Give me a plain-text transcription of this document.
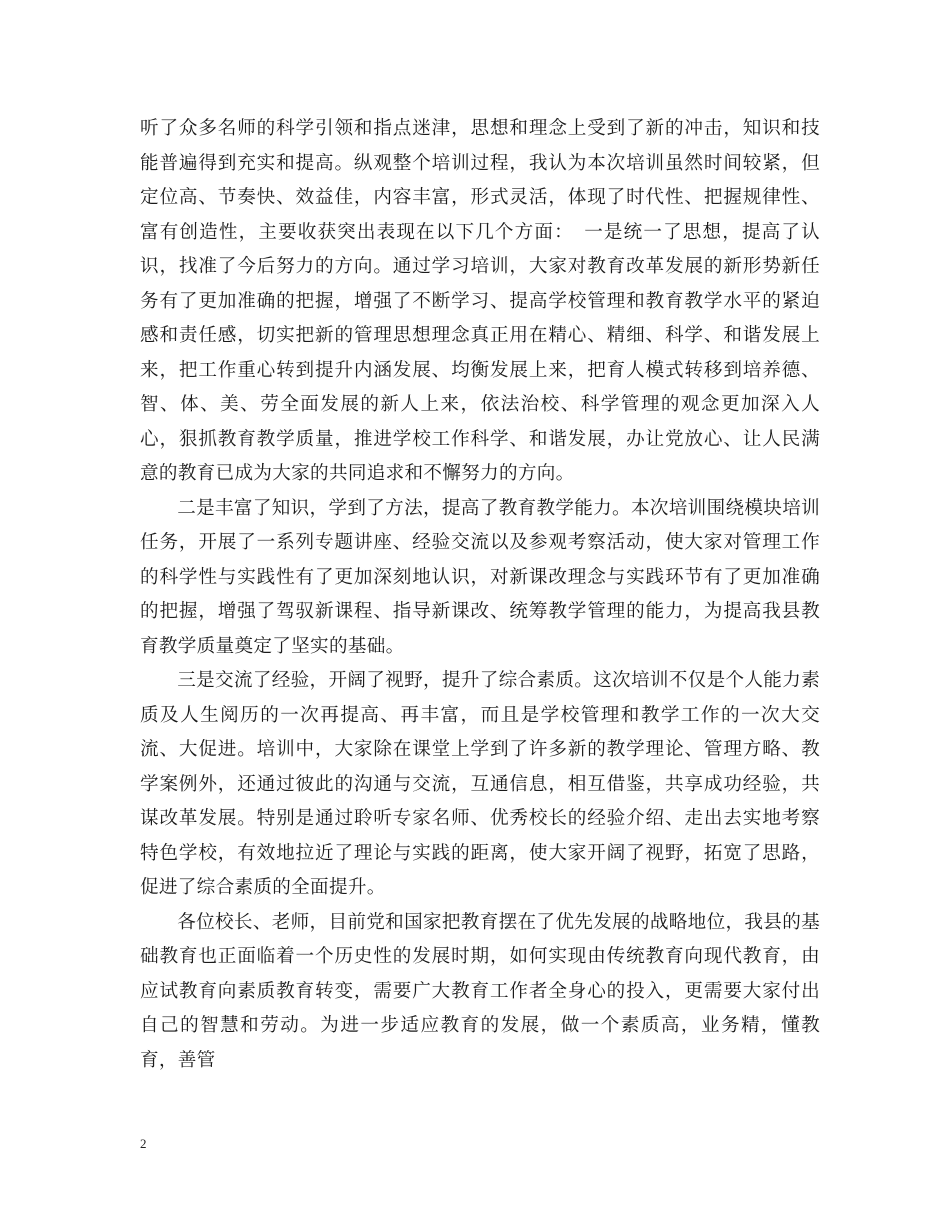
听了众多名师的科学引领和指点迷津，思想和理念上受到了新的冲击，知识和技能普遍得到充实和提高。纵观整个培训过程，我认为本次培训虽然时间较紧，但定位高、节奏快、效益佳，内容丰富，形式灵活，体现了时代性、把握规律性、富有创造性，主要收获突出表现在以下几个方面：　一是统一了思想，提高了认识，找准了今后努力的方向。通过学习培训，大家对教育改革发展的新形势新任务有了更加准确的把握，增强了不断学习、提高学校管理和教育教学水平的紧迫感和责任感，切实把新的管理思想理念真正用在精心、精细、科学、和谐发展上来，把工作重心转到提升内涵发展、均衡发展上来，把育人模式转移到培养德、智、体、美、劳全面发展的新人上来，依法治校、科学管理的观念更加深入人心，狠抓教育教学质量，推进学校工作科学、和谐发展，办让党放心、让人民满意的教育已成为大家的共同追求和不懈努力的方向。

二是丰富了知识，学到了方法，提高了教育教学能力。本次培训围绕模块培训任务，开展了一系列专题讲座、经验交流以及参观考察活动，使大家对管理工作的科学性与实践性有了更加深刻地认识，对新课改理念与实践环节有了更加准确的把握，增强了驾驭新课程、指导新课改、统筹教学管理的能力，为提高我县教育教学质量奠定了坚实的基础。

三是交流了经验，开阔了视野，提升了综合素质。这次培训不仅是个人能力素质及人生阅历的一次再提高、再丰富，而且是学校管理和教学工作的一次大交流、大促进。培训中，大家除在课堂上学到了许多新的教学理论、管理方略、教学案例外，还通过彼此的沟通与交流，互通信息，相互借鉴，共享成功经验，共谋改革发展。特别是通过聆听专家名师、优秀校长的经验介绍、走出去实地考察特色学校，有效地拉近了理论与实践的距离，使大家开阔了视野，拓宽了思路，促进了综合素质的全面提升。

各位校长、老师，目前党和国家把教育摆在了优先发展的战略地位，我县的基础教育也正面临着一个历史性的发展时期，如何实现由传统教育向现代教育，由应试教育向素质教育转变，需要广大教育工作者全身心的投入，更需要大家付出自己的智慧和劳动。为进一步适应教育的发展，做一个素质高，业务精，懂教育，善管

2
